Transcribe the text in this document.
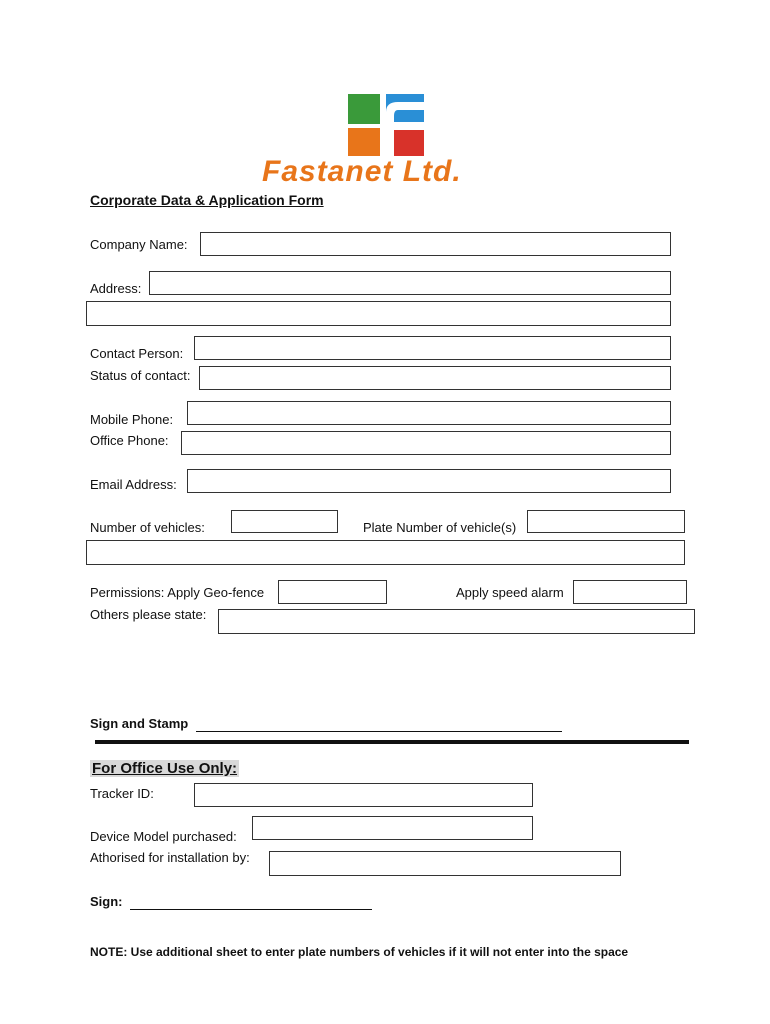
Fastanet Ltd.
Corporate Data & Application Form
Company Name:
Address:
Contact Person:
Status of contact:
Mobile Phone:
Office Phone:
Email Address:
Number of vehicles:	Plate Number of vehicle(s)
Permissions: Apply Geo-fence	Apply speed alarm
Others please state:
Sign and Stamp
For Office Use Only:
Tracker ID:
Device Model purchased:
Athorised for installation by:
Sign:
NOTE: Use additional sheet to enter plate numbers of vehicles if it will not enter into the space
